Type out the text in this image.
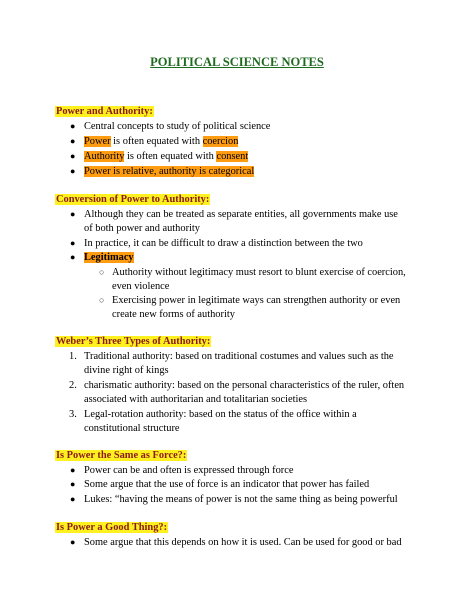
POLITICAL SCIENCE NOTES
Power and Authority:
● Central concepts to study of political science
● Power is often equated with coercion
● Authority is often equated with consent
● Power is relative, authority is categorical
Conversion of Power to Authority:
● Although they can be treated as separate entities, all governments make use
of both power and authority
● In practice, it can be difficult to draw a distinction between the two
● Legitimacy
○ Authority without legitimacy must resort to blunt exercise of coercion,
even violence
○ Exercising power in legitimate ways can strengthen authority or even
create new forms of authority
Weber’s Three Types of Authority:
1. Traditional authority: based on traditional costumes and values such as the
divine right of kings
2. charismatic authority: based on the personal characteristics of the ruler, often
associated with authoritarian and totalitarian societies
3. Legal-rotation authority: based on the status of the office within a
constitutional structure
Is Power the Same as Force?:
● Power can be and often is expressed through force
● Some argue that the use of force is an indicator that power has failed
● Lukes: “having the means of power is not the same thing as being powerful
Is Power a Good Thing?:
● Some argue that this depends on how it is used. Can be used for good or bad
